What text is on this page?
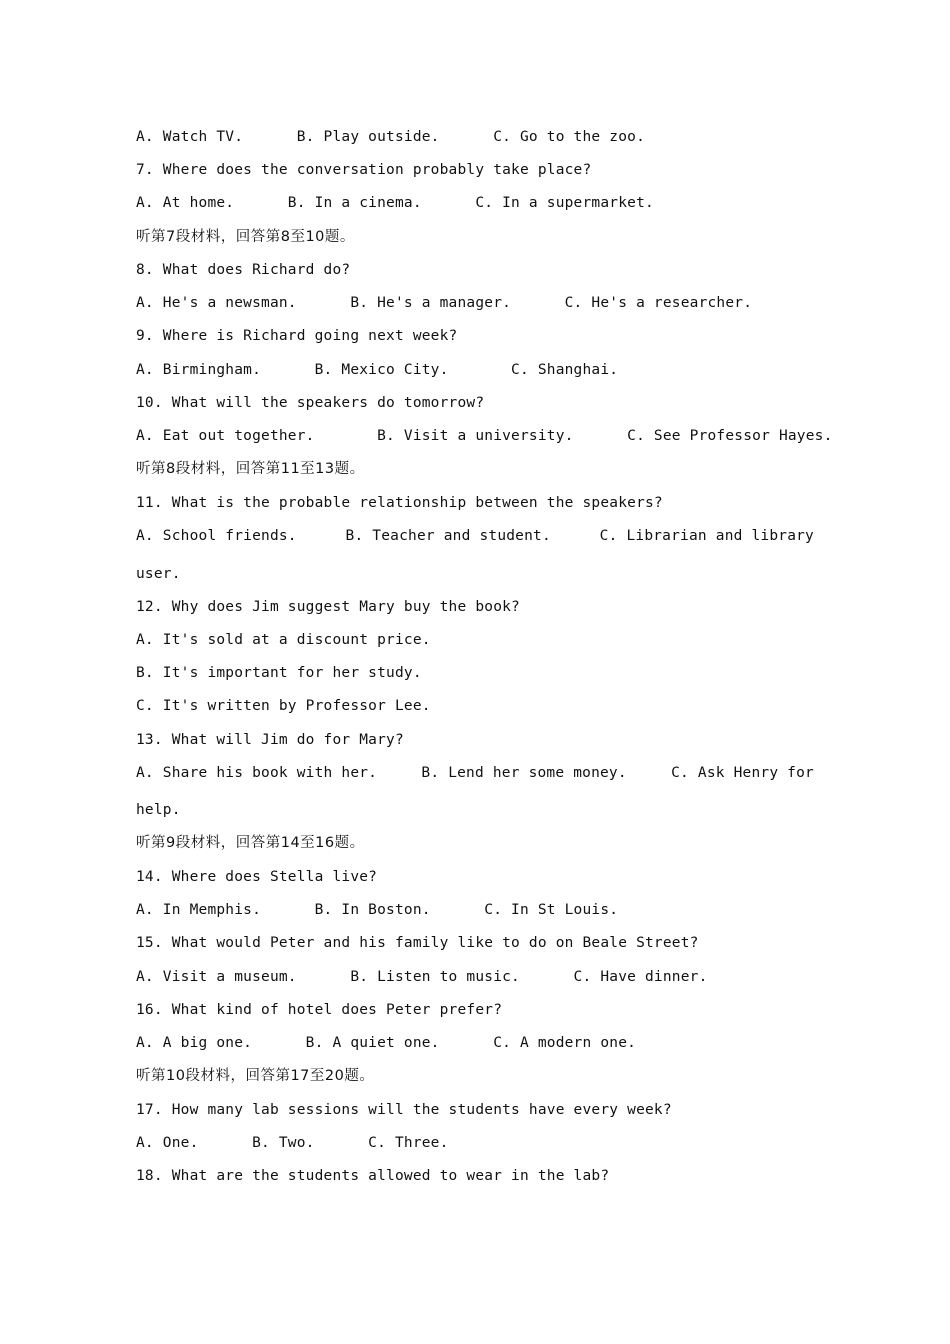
A. Watch TV.      B. Play outside.      C. Go to the zoo.
7. Where does the conversation probably take place?
A. At home.      B. In a cinema.      C. In a supermarket.
听第7段材料，回答第8至10题。
8. What does Richard do?
A. He's a newsman.      B. He's a manager.      C. He's a researcher.
9. Where is Richard going next week?
A. Birmingham.      B. Mexico City.       C. Shanghai.
10. What will the speakers do tomorrow?
A. Eat out together.       B. Visit a university.      C. See Professor Hayes.
听第8段材料，回答第11至13题。
11. What is the probable relationship between the speakers?
A. School friends.	B. Teacher and student.	C. Librarian and library
user.
12. Why does Jim suggest Mary buy the book?
A. It's sold at a discount price.
B. It's important for her study.
C. It's written by Professor Lee.
13. What will Jim do for Mary?
A. Share his book with her.	B. Lend her some money.	C. Ask Henry for
help.
听第9段材料，回答第14至16题。
14. Where does Stella live?
A. In Memphis.      B. In Boston.      C. In St Louis.
15. What would Peter and his family like to do on Beale Street?
A. Visit a museum.      B. Listen to music.      C. Have dinner.
16. What kind of hotel does Peter prefer?
A. A big one.      B. A quiet one.      C. A modern one.
听第10段材料，回答第17至20题。
17. How many lab sessions will the students have every week?
A. One.      B. Two.      C. Three.
18. What are the students allowed to wear in the lab?
